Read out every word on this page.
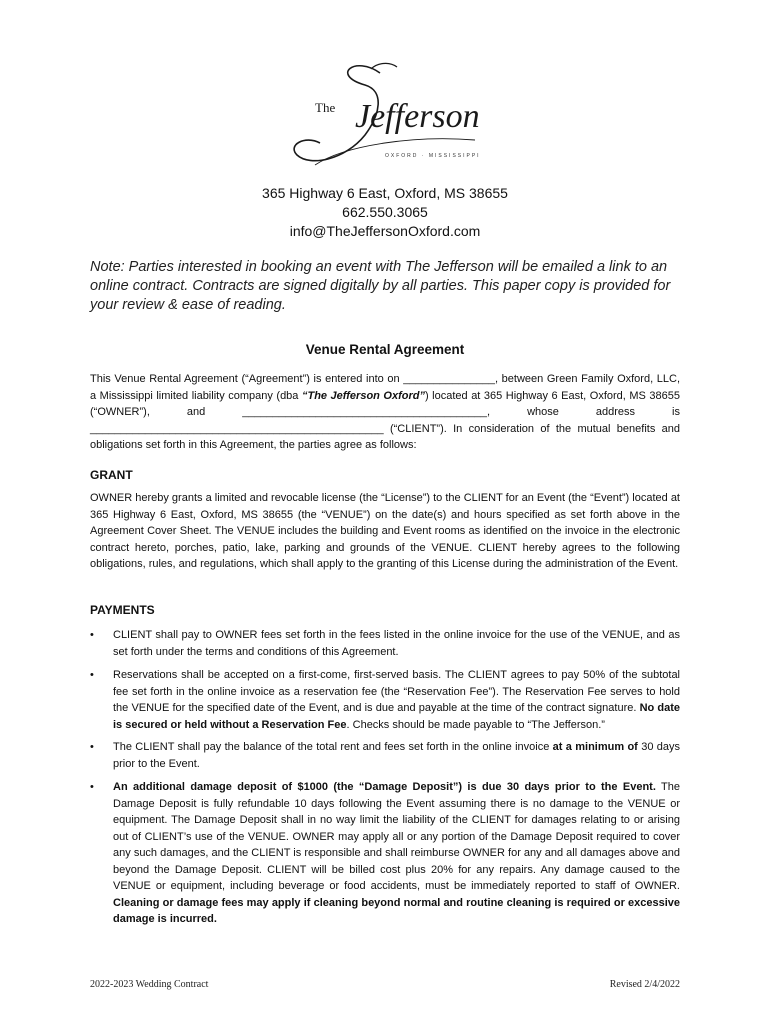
The Jefferson
OXFORD · MISSISSIPPI
365 Highway 6 East, Oxford, MS 38655
662.550.3065
info@TheJeffersonOxford.com
Note: Parties interested in booking an event with The Jefferson will be emailed a link to an online contract. Contracts are signed digitally by all parties. This paper copy is provided for your review & ease of reading.
Venue Rental Agreement
This Venue Rental Agreement (“Agreement”) is entered into on _______________, between Green Family Oxford, LLC, a Mississippi limited liability company (dba “The Jefferson Oxford”) located at 365 Highway 6 East, Oxford, MS 38655 (“OWNER”), and ________________________________________, whose address is ________________________________________________ (“CLIENT”). In consideration of the mutual benefits and obligations set forth in this Agreement, the parties agree as follows:
GRANT
OWNER hereby grants a limited and revocable license (the “License”) to the CLIENT for an Event (the “Event”) located at 365 Highway 6 East, Oxford, MS 38655 (the “VENUE”) on the date(s) and hours specified as set forth above in the Agreement Cover Sheet. The VENUE includes the building and Event rooms as identified on the invoice in the electronic contract hereto, porches, patio, lake, parking and grounds of the VENUE. CLIENT hereby agrees to the following obligations, rules, and regulations, which shall apply to the granting of this License during the administration of the Event.
PAYMENTS
•	CLIENT shall pay to OWNER fees set forth in the fees listed in the online invoice for the use of the VENUE, and as set forth under the terms and conditions of this Agreement.
•	Reservations shall be accepted on a first-come, first-served basis. The CLIENT agrees to pay 50% of the subtotal fee set forth in the online invoice as a reservation fee (the “Reservation Fee”). The Reservation Fee serves to hold the VENUE for the specified date of the Event, and is due and payable at the time of the contract signature. No date is secured or held without a Reservation Fee. Checks should be made payable to “The Jefferson.”
•	The CLIENT shall pay the balance of the total rent and fees set forth in the online invoice at a minimum of 30 days prior to the Event.
•	An additional damage deposit of $1000 (the “Damage Deposit”) is due 30 days prior to the Event. The Damage Deposit is fully refundable 10 days following the Event assuming there is no damage to the VENUE or equipment. The Damage Deposit shall in no way limit the liability of the CLIENT for damages relating to or arising out of CLIENT’s use of the VENUE. OWNER may apply all or any portion of the Damage Deposit required to cover any such damages, and the CLIENT is responsible and shall reimburse OWNER for any and all damages above and beyond the Damage Deposit. CLIENT will be billed cost plus 20% for any repairs. Any damage caused to the VENUE or equipment, including beverage or food accidents, must be immediately reported to staff of OWNER. Cleaning or damage fees may apply if cleaning beyond normal and routine cleaning is required or excessive damage is incurred.
2022-2023 Wedding Contract	Revised 2/4/2022
